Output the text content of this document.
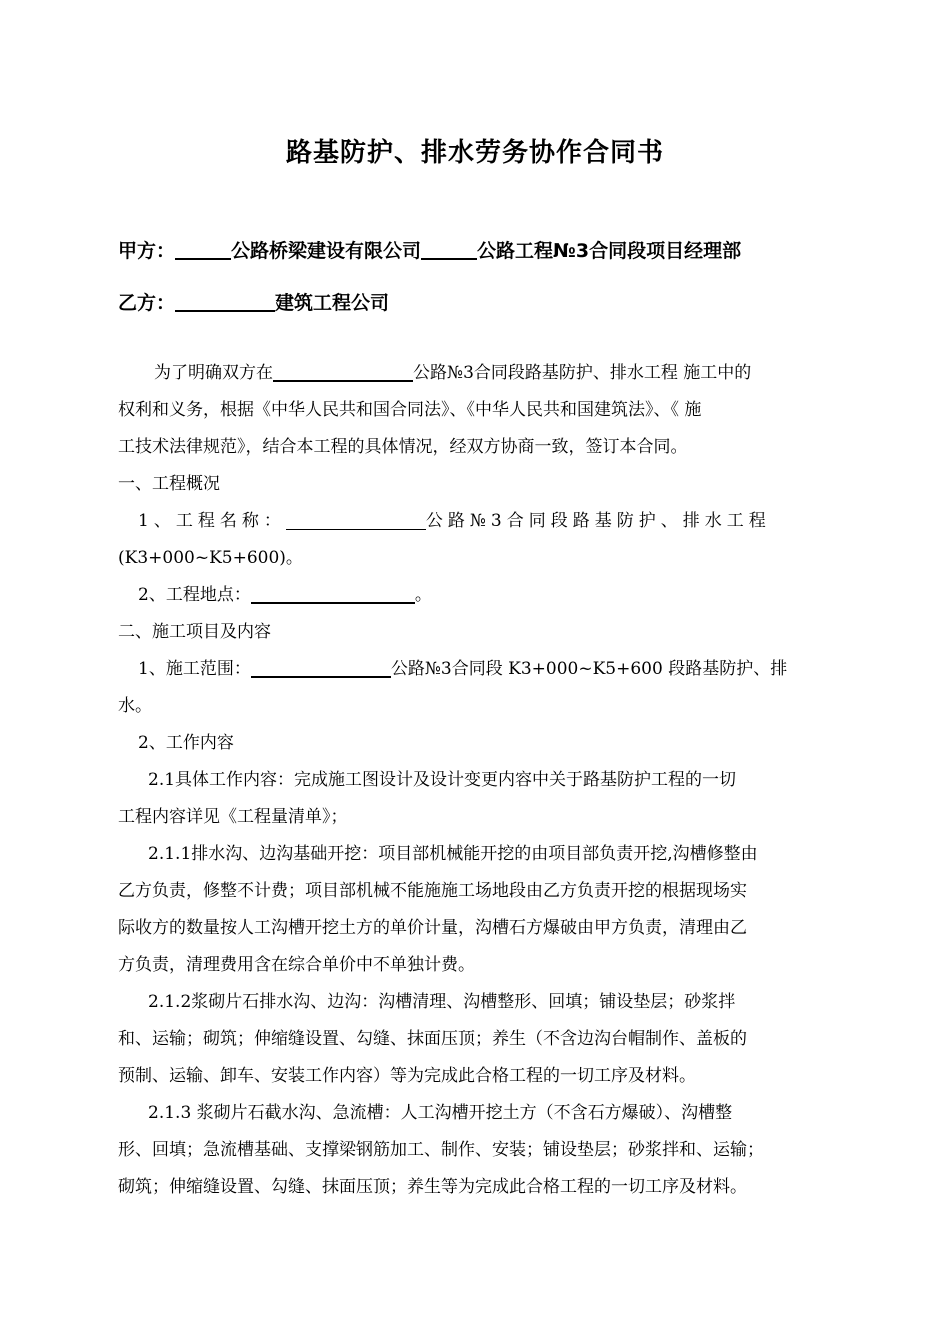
路基防护、排水劳务协作合同书
甲方：	公路桥梁建设有限公司	公路工程№3合同段项目经理部
乙方：	建筑工程公司
为了明确双方在	公路№3合同段路基防护、排水工程 施工中的
权利和义务，根据《中华人民共和国合同法》、《中华人民共和国建筑法》、《 施
工技术法律规范》，结合本工程的具体情况，经双方协商一致，签订本合同。
一、工程概况
1、工程名称：	公路№3合同段路基防护、排水工程
(K3+000~K5+600)。
2、工程地点：	。
二、施工项目及内容
1、施工范围：	公路№3合同段 K3+000~K5+600 段路基防护、排
水。
2、工作内容
2.1具体工作内容：完成施工图设计及设计变更内容中关于路基防护工程的一切
工程内容详见《工程量清单》；
2.1.1排水沟、边沟基础开挖：项目部机械能开挖的由项目部负责开挖,沟槽修整由
乙方负责，修整不计费；项目部机械不能施施工场地段由乙方负责开挖的根据现场实
际收方的数量按人工沟槽开挖土方的单价计量，沟槽石方爆破由甲方负责，清理由乙
方负责，清理费用含在综合单价中不单独计费。
2.1.2浆砌片石排水沟、边沟：沟槽清理、沟槽整形、回填；铺设垫层；砂浆拌
和、运输；砌筑；伸缩缝设置、勾缝、抹面压顶；养生（不含边沟台帽制作、盖板的
预制、运输、卸车、安装工作内容）等为完成此合格工程的一切工序及材料。
2.1.3 浆砌片石截水沟、急流槽：人工沟槽开挖土方（不含石方爆破）、沟槽整
形、回填；急流槽基础、支撑梁钢筋加工、制作、安装；铺设垫层；砂浆拌和、运输；
砌筑；伸缩缝设置、勾缝、抹面压顶；养生等为完成此合格工程的一切工序及材料。
